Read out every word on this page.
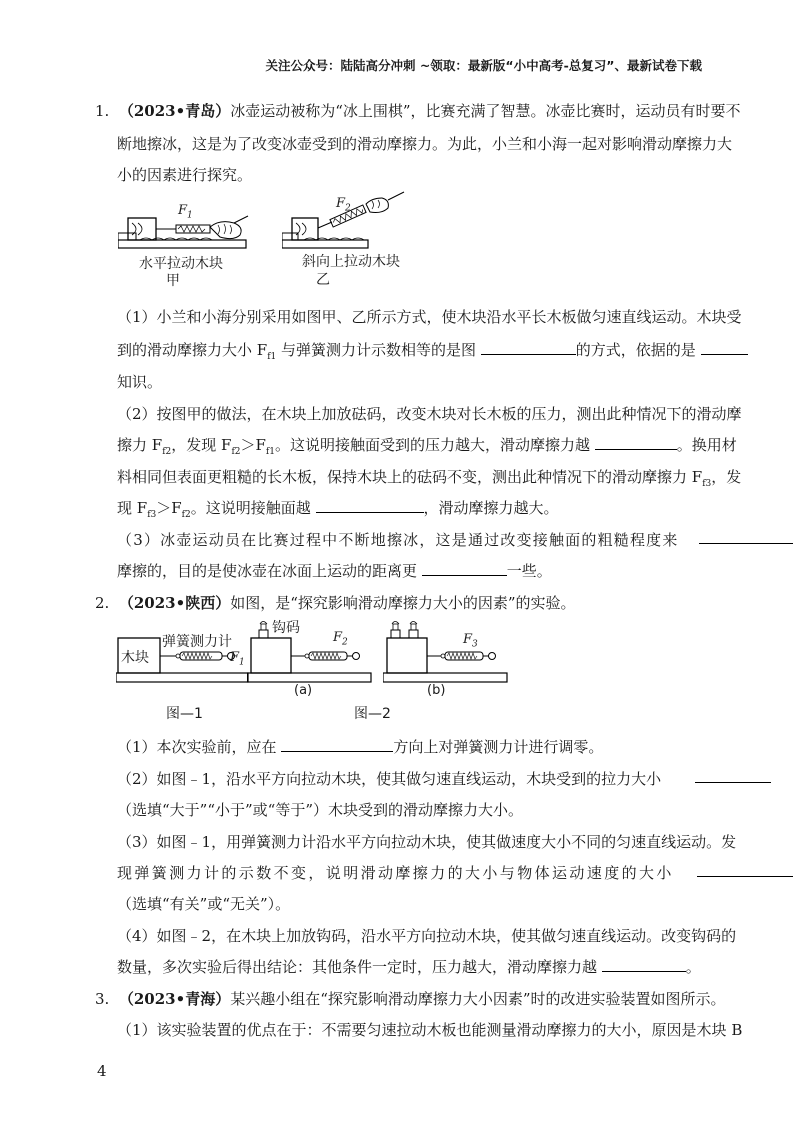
关注公众号：陆陆高分冲刺 ~领取：最新版“小中高考-总复习”、最新试卷下载
1. （2023•青岛）冰壶运动被称为“冰上围棋”，比赛充满了智慧。冰壶比赛时，运动员有时要不
断地擦冰，这是为了改变冰壶受到的滑动摩擦力。为此，小兰和小海一起对影响滑动摩擦力大
小的因素进行探究。
$F_1$
水平拉动木块
甲
$F_2$
斜向上拉动木块
乙
（1）小兰和小海分别采用如图甲、乙所示方式，使木块沿水平长木板做匀速直线运动。木块受
到的滑动摩擦力大小 $F_{f1}$ 与弹簧测力计示数相等的是图	的方式，依据的是
知识。
（2）按图甲的做法，在木块上加放砝码，改变木块对长木板的压力，测出此种情况下的滑动摩
擦力 $F_{f2}$，发现 $F_{f2}>F_{f1}$。这说明接触面受到的压力越大，滑动摩擦力越	。换用材
料相同但表面更粗糙的长木板，保持木块上的砝码不变，测出此种情况下的滑动摩擦力 $F_{f3}$，发
现 $F_{f3}>F_{f2}$。这说明接触面越	，滑动摩擦力越大。
（3）冰壶运动员在比赛过程中不断地擦冰，这是通过改变接触面的粗糙程度来
摩擦的，目的是使冰壶在冰面上运动的距离更	一些。
2. （2023•陕西）如图，是“探究影响滑动摩擦力大小的因素”的实验。
木块
弹簧测力计
$F_1$
图—1
钩码
$F_2$
(a)
$F_3$
(b)
图—2
（1）本次实验前，应在	方向上对弹簧测力计进行调零。
（2）如图﹣1，沿水平方向拉动木块，使其做匀速直线运动，木块受到的拉力大小
（选填“大于”“小于”或“等于”）木块受到的滑动摩擦力大小。
（3）如图﹣1，用弹簧测力计沿水平方向拉动木块，使其做速度大小不同的匀速直线运动。发
现弹簧测力计的示数不变，说明滑动摩擦力的大小与物体运动速度的大小
（选填“有关”或“无关”）。
（4）如图﹣2，在木块上加放钩码，沿水平方向拉动木块，使其做匀速直线运动。改变钩码的
数量，多次实验后得出结论：其他条件一定时，压力越大，滑动摩擦力越	。
3. （2023•青海）某兴趣小组在“探究影响滑动摩擦力大小因素”时的改进实验装置如图所示。
（1）该实验装置的优点在于：不需要匀速拉动木板也能测量滑动摩擦力的大小，原因是木块 B
4
